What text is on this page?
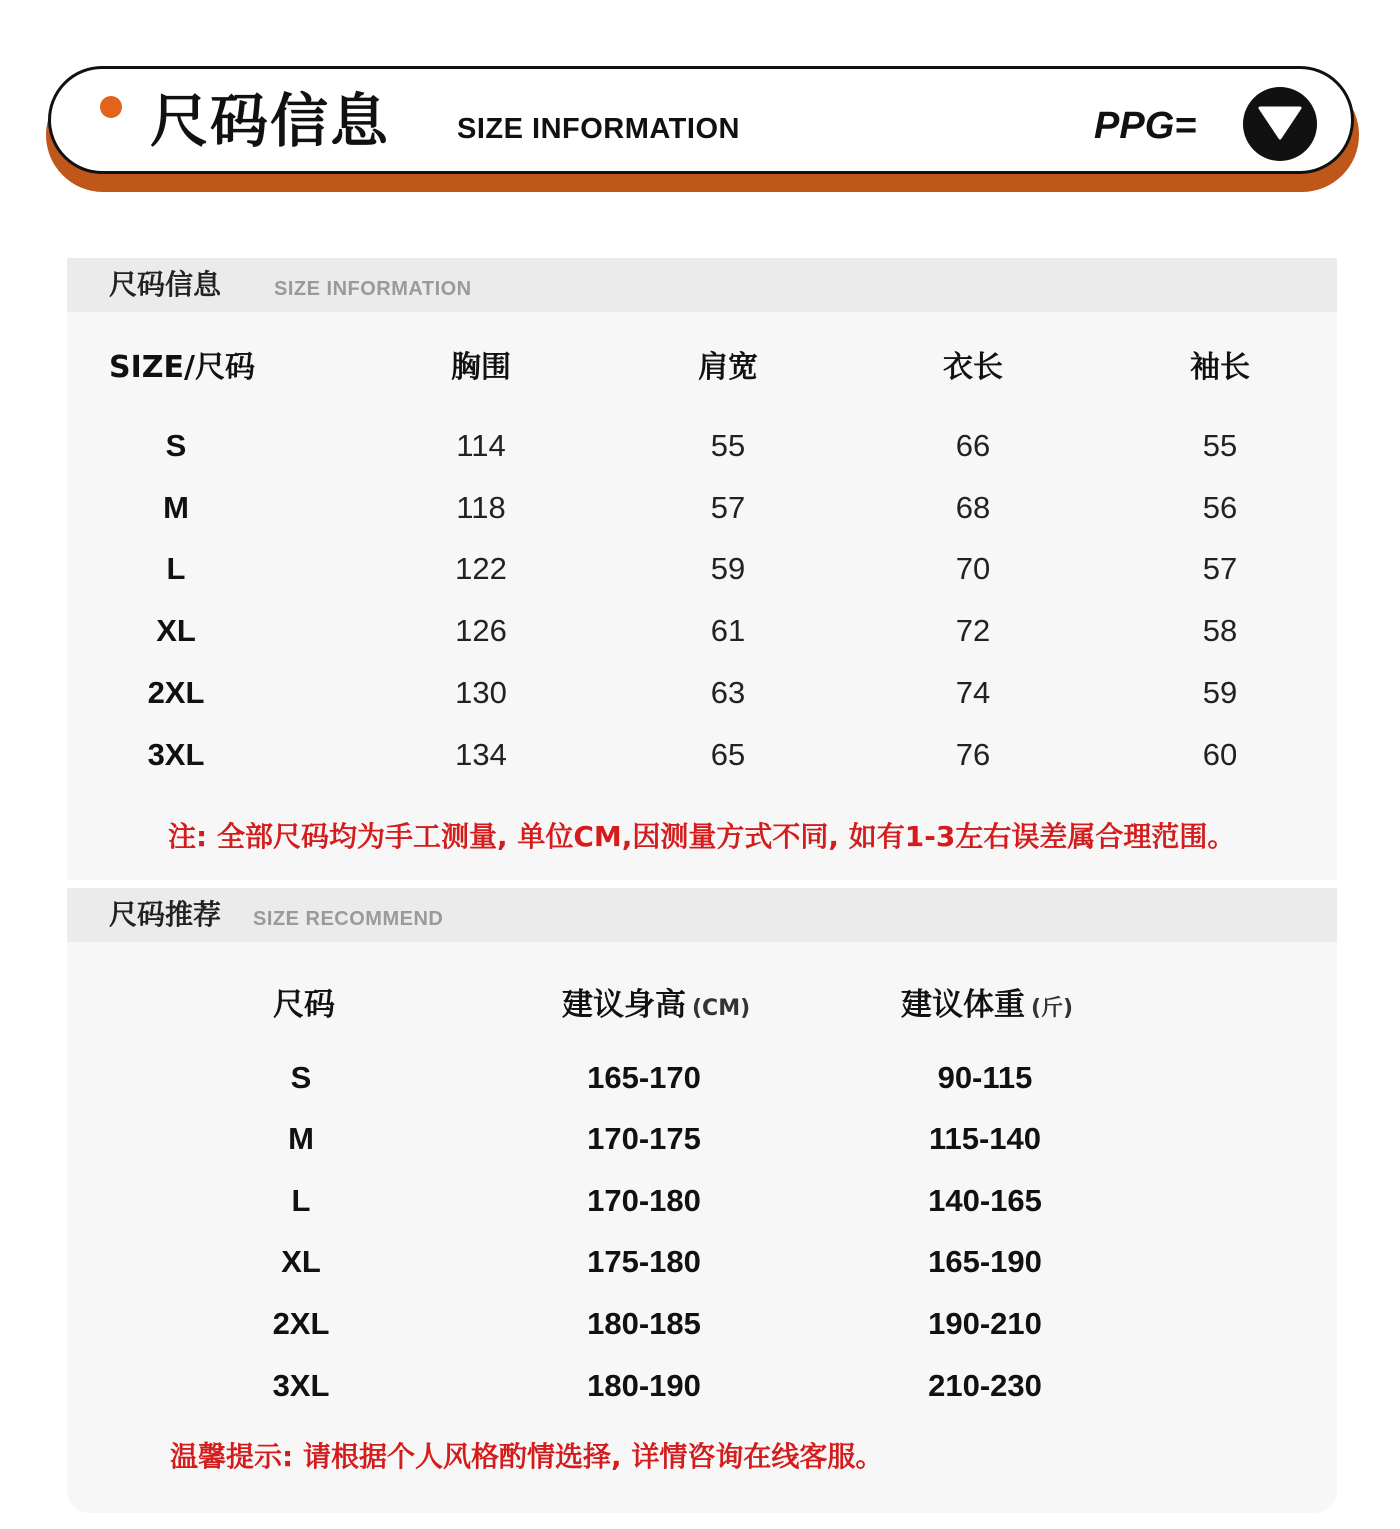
尺码信息 SIZE INFORMATION	PPG=
尺码信息	SIZE INFORMATION
SIZE/尺码	胸围	肩宽	衣长	袖长
S	114	55	66	55
M	118	57	68	56
L	122	59	70	57
XL	126	61	72	58
2XL	130	63	74	59
3XL	134	65	76	60
注: 全部尺码均为手工测量, 单位CM,因测量方式不同, 如有1-3左右误差属合理范围。
尺码推荐 SIZE RECOMMEND
尺码	建议身高 (CM)	建议体重 (斤)
S	165-170	90-115
M	170-175	115-140
L	170-180	140-165
XL	175-180	165-190
2XL	180-185	190-210
3XL	180-190	210-230
温馨提示: 请根据个人风格酌情选择, 详情咨询在线客服。
